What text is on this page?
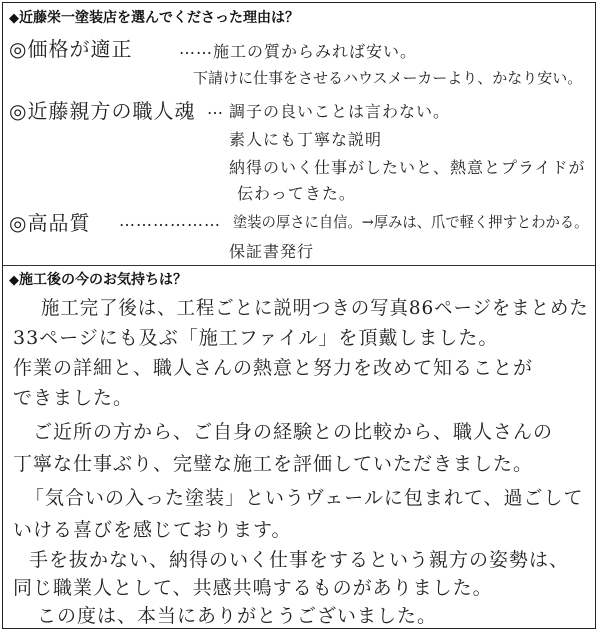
◆近藤栄一塗装店を選んでくださった理由は？
◎価格が適正	…… 施工の質からみれば安い。
下請けに仕事をさせるハウスメーカーより、かなり安い。
◎近藤親方の職人魂 … 調子の良いことは言わない。
素人にも丁寧な説明
納得のいく仕事がしたいと、熱意とプライドが
伝わってきた。
◎高品質 ……………… 塗装の厚さに自信。→厚みは、爪で軽く押すとわかる。
保証書発行
◆施工後の今のお気持ちは？
施工完了後は、工程ごとに説明つきの写真86ページをまとめた
33ページにも及ぶ「施工ファイル」を頂戴しました。
作業の詳細と、職人さんの熱意と努力を改めて知ることが
できました。
ご近所の方から、ご自身の経験との比較から、職人さんの
丁寧な仕事ぶり、完璧な施工を評価していただきました。
「気合いの入った塗装」というヴェールに包まれて、過ごして
いける喜びを感じております。
手を抜かない、納得のいく仕事をするという親方の姿勢は、
同じ職業人として、共感共鳴するものがありました。
この度は、本当にありがとうございました。
